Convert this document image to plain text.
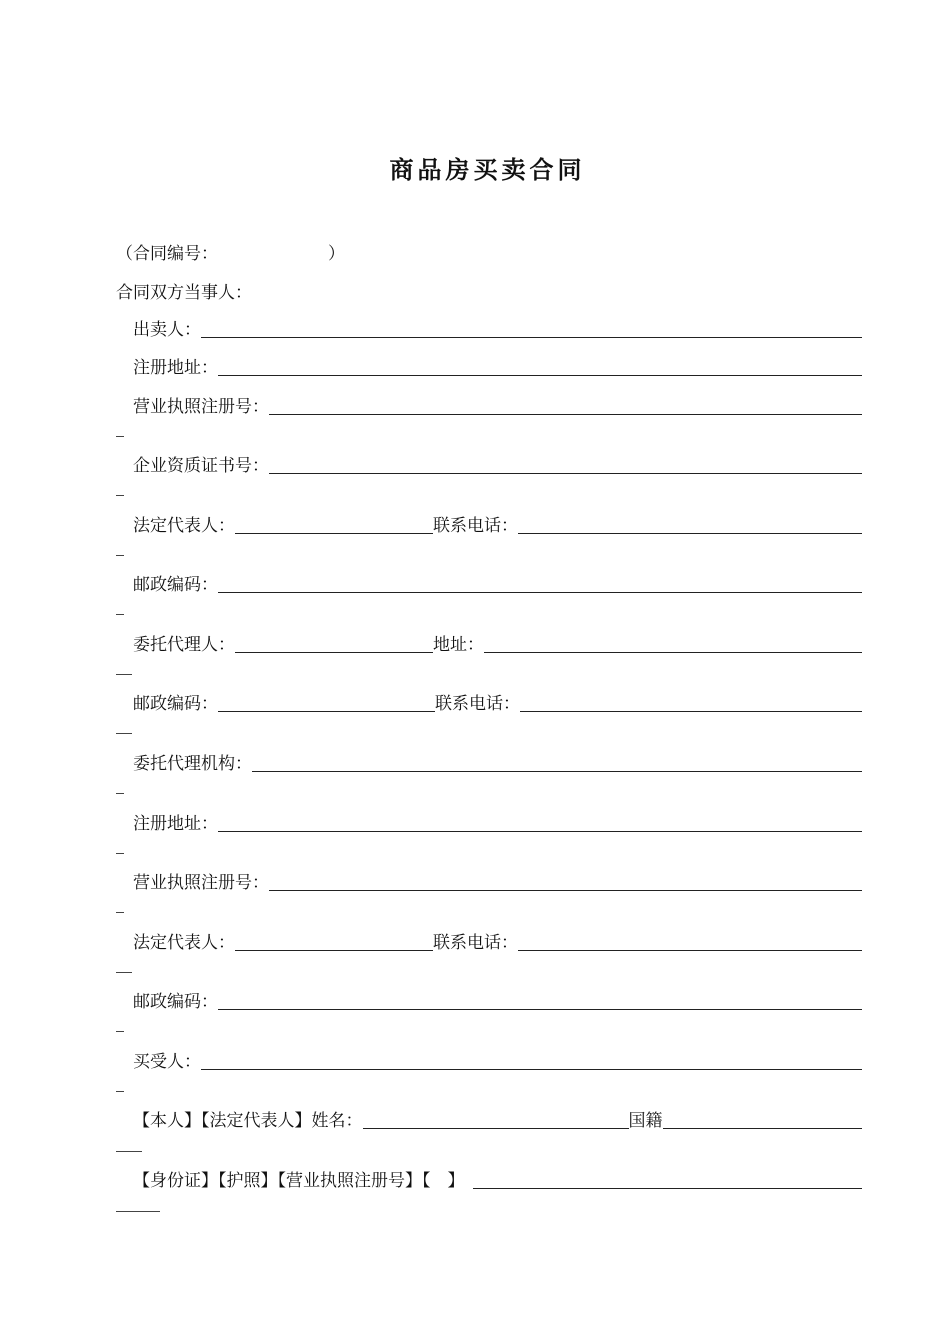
商品房买卖合同
（合同编号：	）
合同双方当事人：
出卖人：
注册地址：
营业执照注册号：
企业资质证书号：
法定代表人：	联系电话：
邮政编码：
委托代理人：	地址：
邮政编码：	联系电话：
委托代理机构：
注册地址：
营业执照注册号：
法定代表人：	联系电话：
邮政编码：
买受人：
【本人】【法定代表人】姓名：	国籍
【身份证】【护照】【营业执照注册号】【　】
